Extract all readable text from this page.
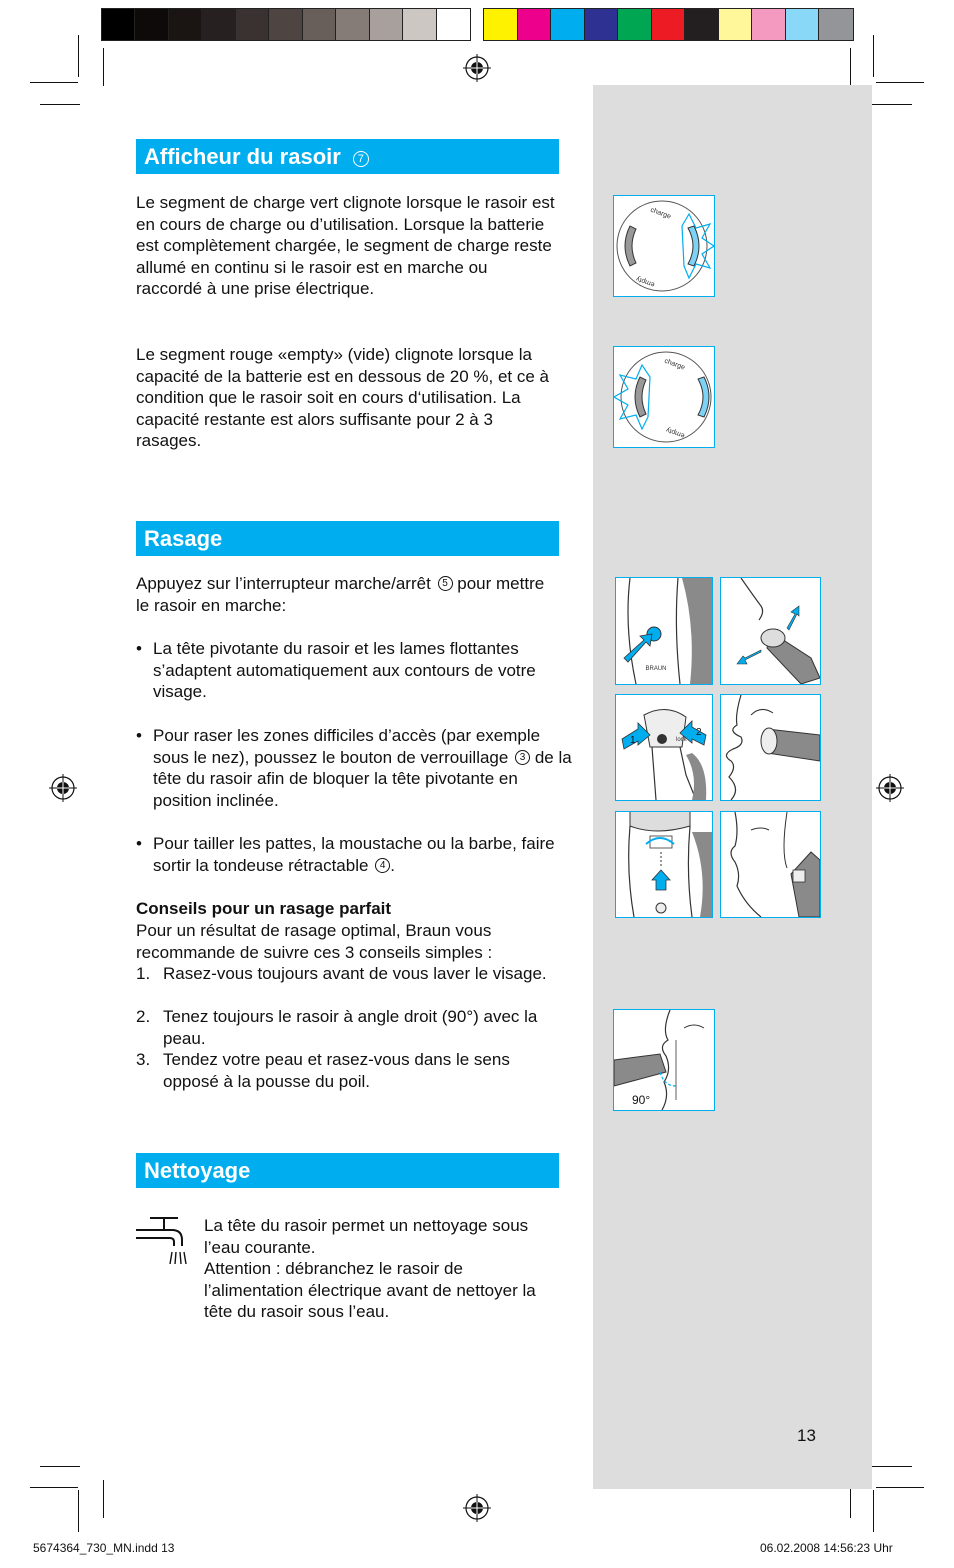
Afficheur du rasoir 7

Le segment de charge vert clignote lorsque le rasoir est en cours de charge ou d’utilisation. Lorsque la batterie est complètement chargée, le segment de charge reste allumé en continu si le rasoir est en marche ou raccordé à une prise électrique.

Le segment rouge «empty» (vide) clignote lorsque la capacité de la batterie est en dessous de 20 %, et ce à condition que le rasoir soit en cours d‘utilisation. La capacité restante est alors suffisante pour 2 à 3 rasages.

Rasage

Appuyez sur l’interrupteur marche/arrêt 5 pour mettre le rasoir en marche:

• La tête pivotante du rasoir et les lames flottantes s’adaptent automatiquement aux contours de votre visage.
• Pour raser les zones difficiles d’accès (par exemple sous le nez), poussez le bouton de verrouillage 3 de la tête du rasoir afin de bloquer la tête pivotante en position inclinée.
• Pour tailler les pattes, la moustache ou la barbe, faire sortir la tondeuse rétractable 4 .

Conseils pour un rasage parfait

Pour un résultat de rasage optimal, Braun vous recommande de suivre ces 3 conseils simples :

1. Rasez-vous toujours avant de vous laver le visage.
2. Tenez toujours le rasoir à angle droit (90°) avec la peau.
3. Tendez votre peau et rasez-vous dans le sens opposé à la pousse du poil.
Nettoyage

La tête du rasoir permet un nettoyage sous l’eau courante.

Attention : débranchez le rasoir de l’alimentation électrique avant de nettoyer la tête du rasoir sous l’eau.

charge
empty
charge
empty
BRAUN
1
2
lock
90°
13
5674364_730_MN.indd 13	06.02.2008 14:56:23 Uhr
